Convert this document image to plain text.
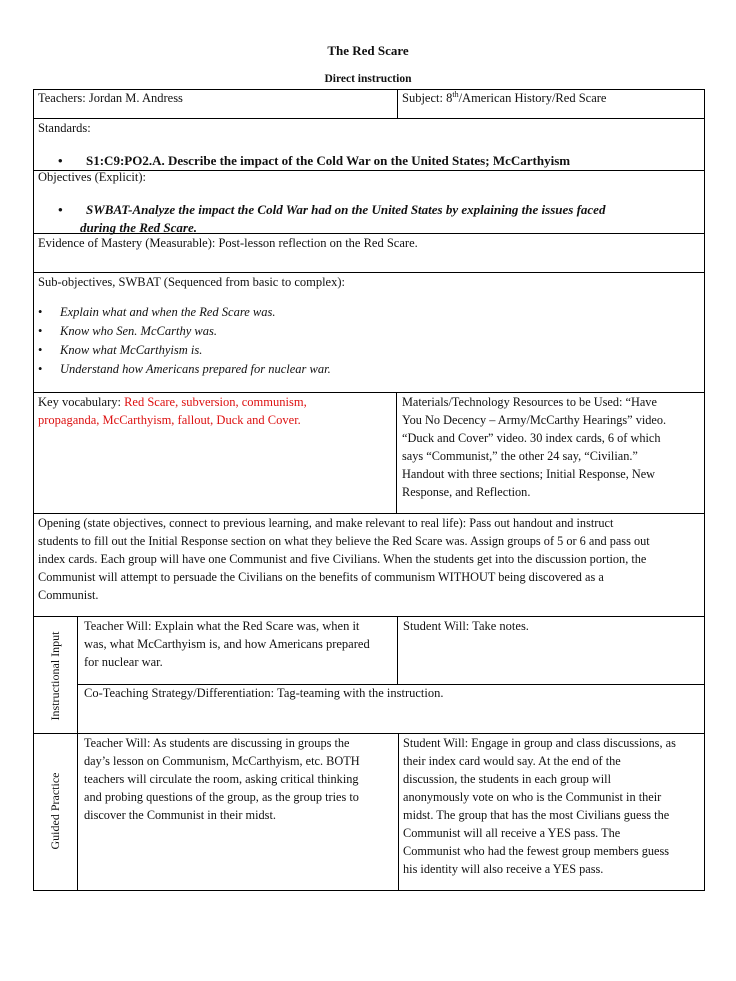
The Red Scare
Direct instruction
Teachers: Jordan M. Andress	Subject: 8th/American History/Red Scare
Standards:
• S1:C9:PO2.A. Describe the impact of the Cold War on the United States; McCarthyism
Objectives (Explicit):
• SWBAT-Analyze the impact the Cold War had on the United States by explaining the issues faced
during the Red Scare.
Evidence of Mastery (Measurable): Post-lesson reflection on the Red Scare.
Sub-objectives, SWBAT (Sequenced from basic to complex):
• Explain what and when the Red Scare was.
• Know who Sen. McCarthy was.
• Know what McCarthyism is.
• Understand how Americans prepared for nuclear war.
Key vocabulary: Red Scare, subversion, communism,
propaganda, McCarthyism, fallout, Duck and Cover.
Materials/Technology Resources to be Used: “Have
You No Decency – Army/McCarthy Hearings” video.
“Duck and Cover” video. 30 index cards, 6 of which
says “Communist,” the other 24 say, “Civilian.”
Handout with three sections; Initial Response, New
Response, and Reflection.
Opening (state objectives, connect to previous learning, and make relevant to real life): Pass out handout and instruct
students to fill out the Initial Response section on what they believe the Red Scare was. Assign groups of 5 or 6 and pass out
index cards. Each group will have one Communist and five Civilians. When the students get into the discussion portion, the
Communist will attempt to persuade the Civilians on the benefits of communism WITHOUT being discovered as a
Communist.
Instructional Input
Teacher Will: Explain what the Red Scare was, when it
was, what McCarthyism is, and how Americans prepared
for nuclear war.
Student Will: Take notes.
Co-Teaching Strategy/Differentiation: Tag-teaming with the instruction.
Guided Practice
Teacher Will: As students are discussing in groups the
day’s lesson on Communism, McCarthyism, etc. BOTH
teachers will circulate the room, asking critical thinking
and probing questions of the group, as the group tries to
discover the Communist in their midst.
Student Will: Engage in group and class discussions, as
their index card would say. At the end of the
discussion, the students in each group will
anonymously vote on who is the Communist in their
midst. The group that has the most Civilians guess the
Communist will all receive a YES pass. The
Communist who had the fewest group members guess
his identity will also receive a YES pass.
